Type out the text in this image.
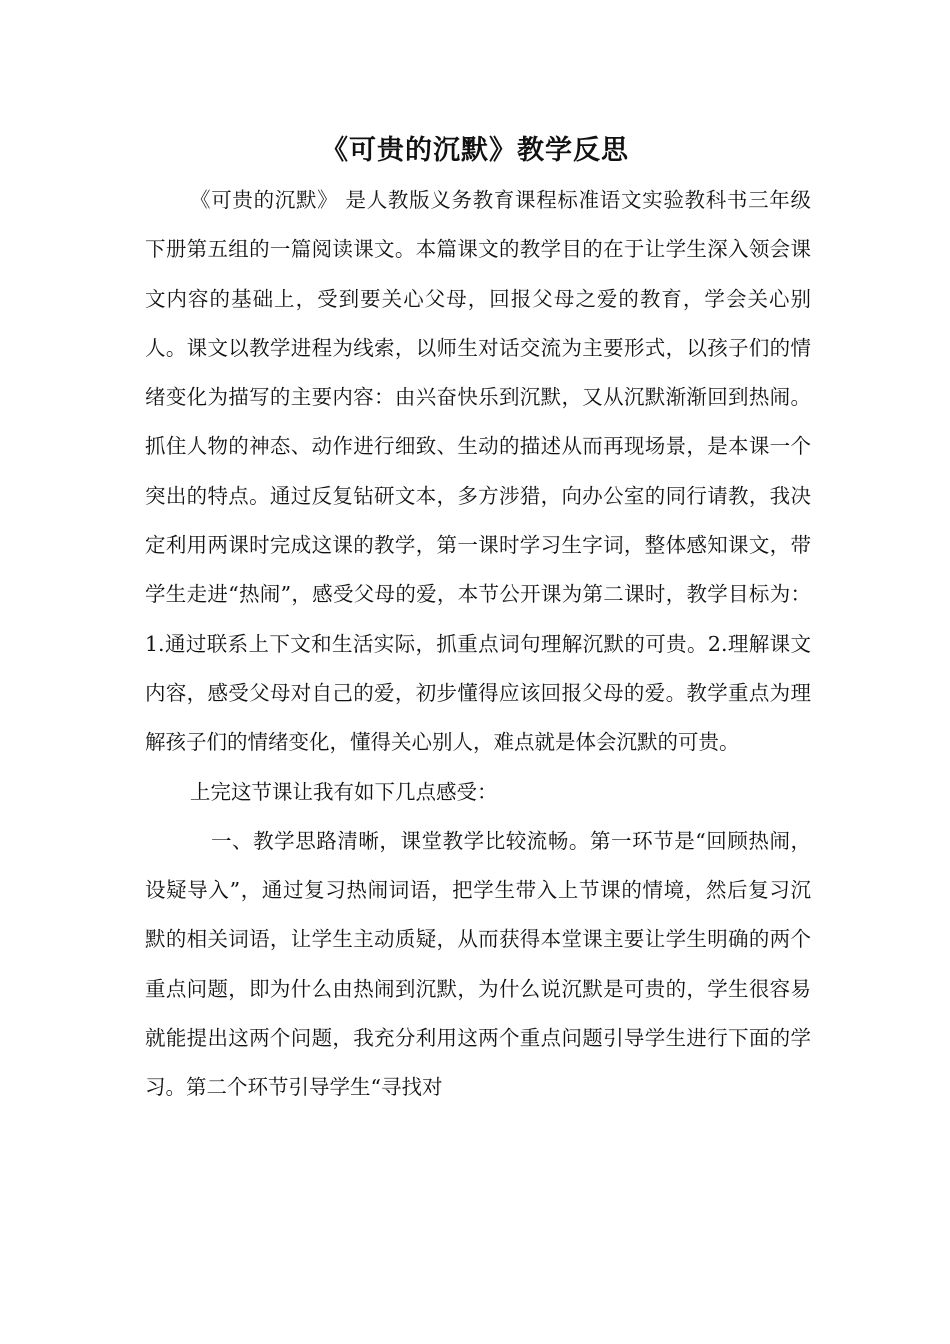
《可贵的沉默》教学反思

《可贵的沉默》 是人教版义务教育课程标准语文实验教科书三年级下册第五组的一篇阅读课文。本篇课文的教学目的在于让学生深入领会课文内容的基础上，受到要关心父母，回报父母之爱的教育，学会关心别人。课文以教学进程为线索，以师生对话交流为主要形式，以孩子们的情绪变化为描写的主要内容：由兴奋快乐到沉默，又从沉默渐渐回到热闹。抓住人物的神态、动作进行细致、生动的描述从而再现场景，是本课一个突出的特点。通过反复钻研文本，多方涉猎，向办公室的同行请教，我决定利用两课时完成这课的教学，第一课时学习生字词，整体感知课文，带学生走进“热闹”，感受父母的爱，本节公开课为第二课时，教学目标为：1.通过联系上下文和生活实际，抓重点词句理解沉默的可贵。2.理解课文内容，感受父母对自己的爱，初步懂得应该回报父母的爱。教学重点为理解孩子们的情绪变化，懂得关心别人，难点就是体会沉默的可贵。

上完这节课让我有如下几点感受：

一、教学思路清晰，课堂教学比较流畅。第一环节是“回顾热闹，设疑导入”，通过复习热闹词语，把学生带入上节课的情境，然后复习沉默的相关词语，让学生主动质疑，从而获得本堂课主要让学生明确的两个重点问题，即为什么由热闹到沉默，为什么说沉默是可贵的，学生很容易就能提出这两个问题，我充分利用这两个重点问题引导学生进行下面的学习。第二个环节引导学生“寻找对
